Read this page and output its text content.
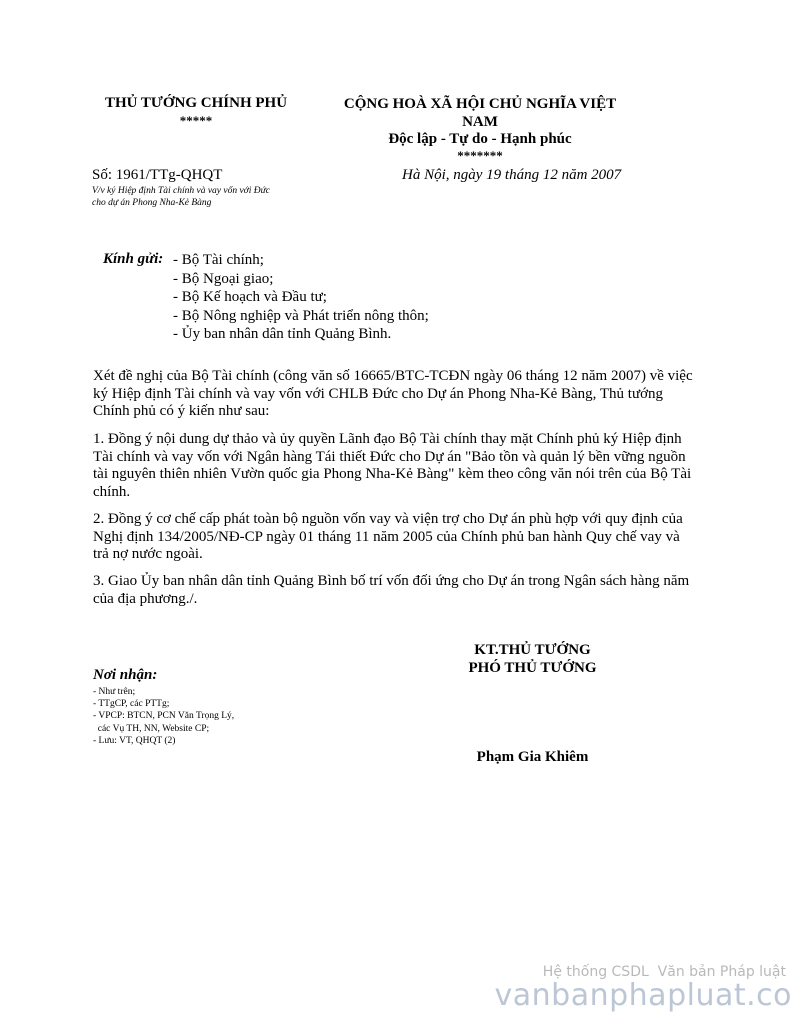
THỦ TƯỚNG CHÍNH PHỦ
*****
CỘNG HOÀ XÃ HỘI CHỦ NGHĨA VIỆT
NAM
Độc lập - Tự do - Hạnh phúc
*******
Số: 1961/TTg-QHQT
V/v ký Hiệp định Tài chính và vay vốn với Đức
cho dự án Phong Nha-Kẻ Bàng
Hà Nội, ngày 19 tháng 12 năm 2007
Kính gửi: - Bộ Tài chính;
- Bộ Ngoại giao;
- Bộ Kế hoạch và Đầu tư;
- Bộ Nông nghiệp và Phát triển nông thôn;
- Ủy ban nhân dân tỉnh Quảng Bình.

Xét đề nghị của Bộ Tài chính (công văn số 16665/BTC-TCĐN ngày 06 tháng 12 năm 2007) về việc ký Hiệp định Tài chính và vay vốn với CHLB Đức cho Dự án Phong Nha-Kẻ Bàng, Thủ tướng Chính phủ có ý kiến như sau:

1. Đồng ý nội dung dự thảo và ủy quyền Lãnh đạo Bộ Tài chính thay mặt Chính phủ ký Hiệp định Tài chính và vay vốn với Ngân hàng Tái thiết Đức cho Dự án "Bảo tồn và quản lý bền vững nguồn tài nguyên thiên nhiên Vườn quốc gia Phong Nha-Kẻ Bàng" kèm theo công văn nói trên của Bộ Tài chính.

2. Đồng ý cơ chế cấp phát toàn bộ nguồn vốn vay và viện trợ cho Dự án phù hợp với quy định của Nghị định 134/2005/NĐ-CP ngày 01 tháng 11 năm 2005 của Chính phủ ban hành Quy chế vay và trả nợ nước ngoài.

3. Giao Ủy ban nhân dân tỉnh Quảng Bình bố trí vốn đối ứng cho Dự án trong Ngân sách hàng năm của địa phương./.

KT.THỦ TƯỚNG
PHÓ THỦ TƯỚNG
Phạm Gia Khiêm
Nơi nhận:
- Như trên;
- TTgCP, các PTTg;
- VPCP: BTCN, PCN Văn Trọng Lý,
các Vụ TH, NN, Website CP;
- Lưu: VT, QHQT (2)
Hệ thống CSDL  Văn bản Pháp luật
vanbanphapluat.co
